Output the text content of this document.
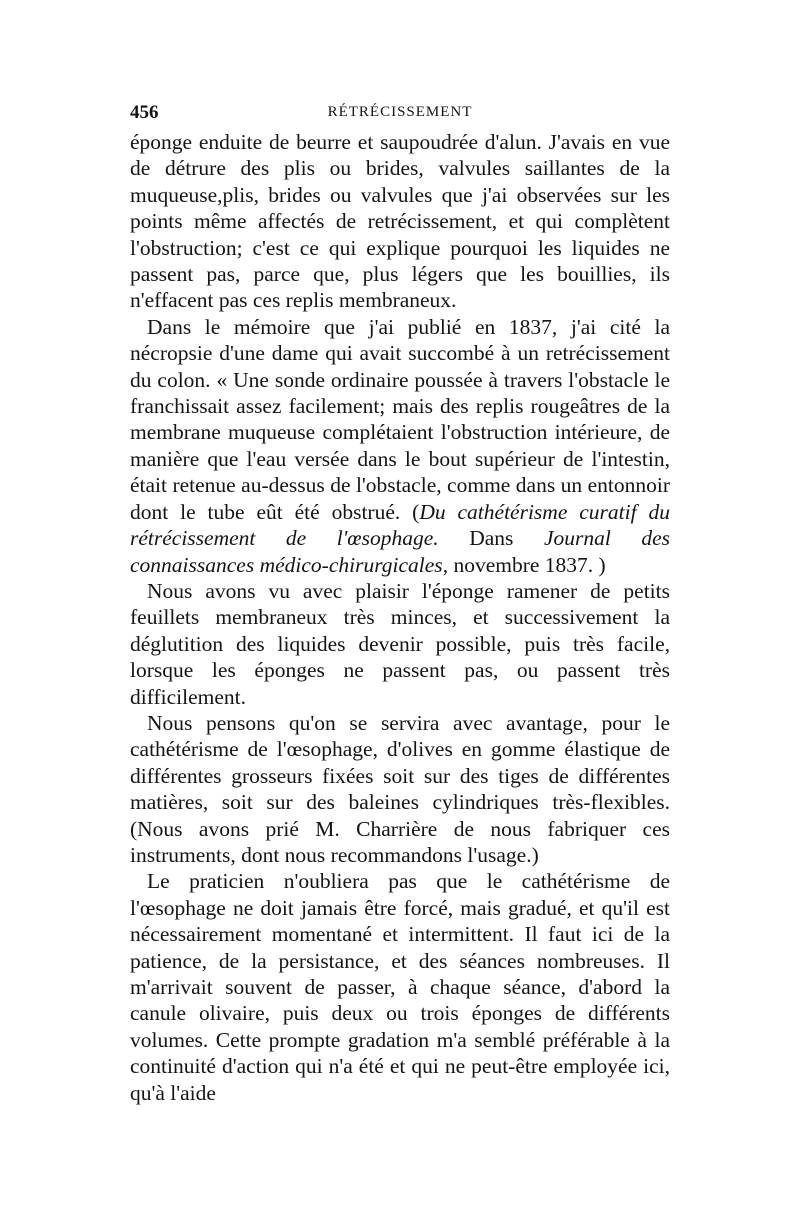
456	RÉTRÉCISSEMENT

éponge enduite de beurre et saupoudrée d'alun. J'avais en vue de détrure des plis ou brides, valvules saillantes de la muqueuse,plis, brides ou valvules que j'ai observées sur les points même affectés de retrécissement, et qui complètent l'obstruction; c'est ce qui explique pourquoi les liquides ne passent pas, parce que, plus légers que les bouillies, ils n'effacent pas ces replis membraneux.

Dans le mémoire que j'ai publié en 1837, j'ai cité la nécropsie d'une dame qui avait succombé à un retrécissement du colon. « Une sonde ordinaire poussée à travers l'obstacle le franchissait assez facilement; mais des replis rougeâtres de la membrane muqueuse complétaient l'obstruction intérieure, de manière que l'eau versée dans le bout supérieur de l'intestin, était retenue au-dessus de l'obstacle, comme dans un entonnoir dont le tube eût été obstrué. (Du cathétérisme curatif du rétrécissement de l'œsophage. Dans Journal des connaissances médico-chirurgicales, novembre 1837. )

Nous avons vu avec plaisir l'éponge ramener de petits feuillets membraneux très minces, et successivement la déglutition des liquides devenir possible, puis très facile, lorsque les éponges ne passent pas, ou passent très difficilement.

Nous pensons qu'on se servira avec avantage, pour le cathétérisme de l'œsophage, d'olives en gomme élastique de différentes grosseurs fixées soit sur des tiges de différentes matières, soit sur des baleines cylindriques très-flexibles. (Nous avons prié M. Charrière de nous fabriquer ces instruments, dont nous recommandons l'usage.)

Le praticien n'oubliera pas que le cathétérisme de l'œsophage ne doit jamais être forcé, mais gradué, et qu'il est nécessairement momentané et intermittent. Il faut ici de la patience, de la persistance, et des séances nombreuses. Il m'arrivait souvent de passer, à chaque séance, d'abord la canule olivaire, puis deux ou trois éponges de différents volumes. Cette prompte gradation m'a semblé préférable à la continuité d'action qui n'a été et qui ne peut-être employée ici, qu'à l'aide
